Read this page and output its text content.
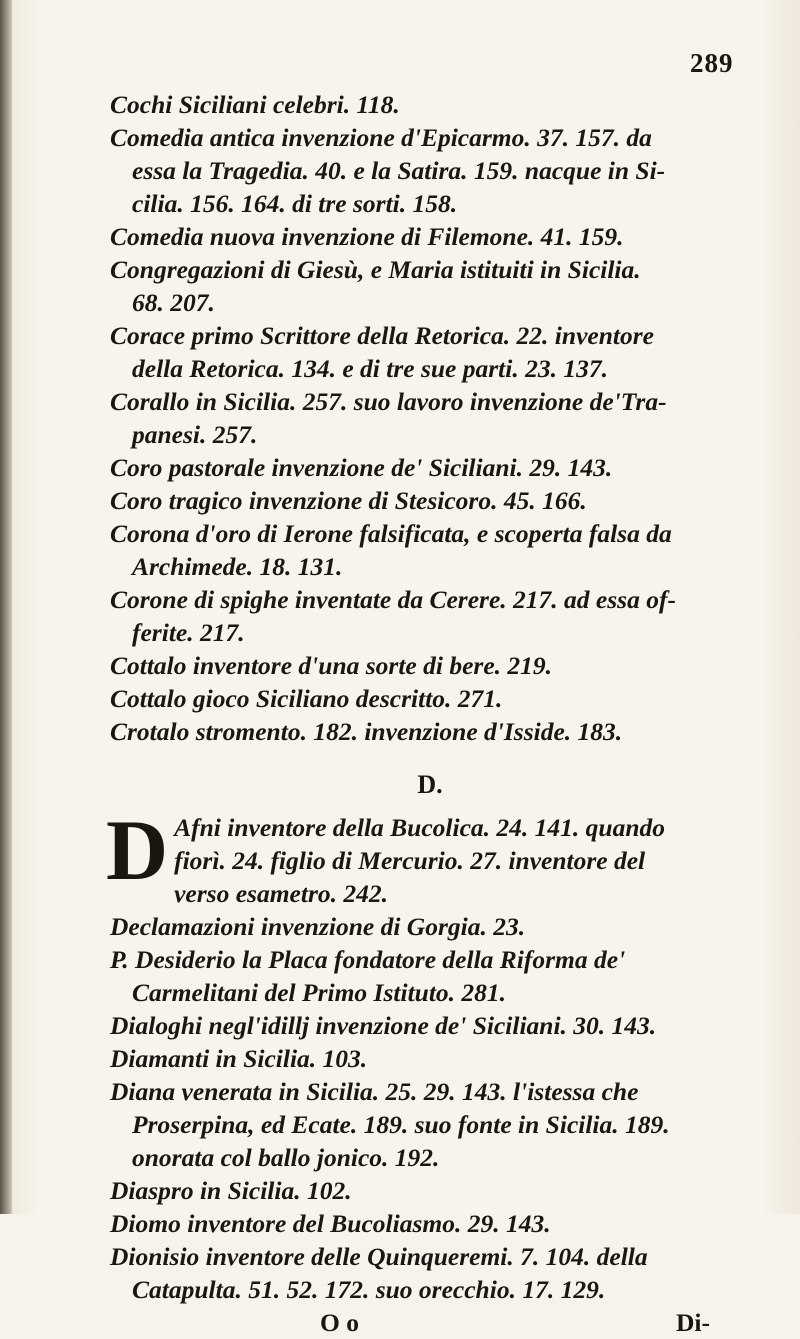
289
Cochi Siciliani celebri. 118.
Comedia antica invenzione d'Epicarmo. 37. 157. da
essa la Tragedia. 40. e la Satira. 159. nacque in Si-
cilia. 156. 164. di tre sorti. 158.
Comedia nuova invenzione di Filemone. 41. 159.
Congregazioni di Giesù, e Maria istituiti in Sicilia.
68. 207.
Corace primo Scrittore della Retorica. 22. inventore
della Retorica. 134. e di tre sue parti. 23. 137.
Corallo in Sicilia. 257. suo lavoro invenzione de'Tra-
panesi. 257.
Coro pastorale invenzione de' Siciliani. 29. 143.
Coro tragico invenzione di Stesicoro. 45. 166.
Corona d'oro di Ierone falsificata, e scoperta falsa da
Archimede. 18. 131.
Corone di spighe inventate da Cerere. 217. ad essa of-
ferite. 217.
Cottalo inventore d'una sorte di bere. 219.
Cottalo gioco Siciliano descritto. 271.
Crotalo stromento. 182. invenzione d'Isside. 183.
D.
D Afni inventore della Bucolica. 24. 141. quando
fiorì. 24. figlio di Mercurio. 27. inventore del
verso esametro. 242.
Declamazioni invenzione di Gorgia. 23.
P. Desiderio la Placa fondatore della Riforma de'
Carmelitani del Primo Istituto. 281.
Dialoghi negl'idillj invenzione de' Siciliani. 30. 143.
Diamanti in Sicilia. 103.
Diana venerata in Sicilia. 25. 29. 143. l'istessa che
Proserpina, ed Ecate. 189. suo fonte in Sicilia. 189.
onorata col ballo jonico. 192.
Diaspro in Sicilia. 102.
Diomo inventore del Bucoliasmo. 29. 143.
Dionisio inventore delle Quinqueremi. 7. 104. della
Catapulta. 51. 52. 172. suo orecchio. 17. 129.
O o	Di-
